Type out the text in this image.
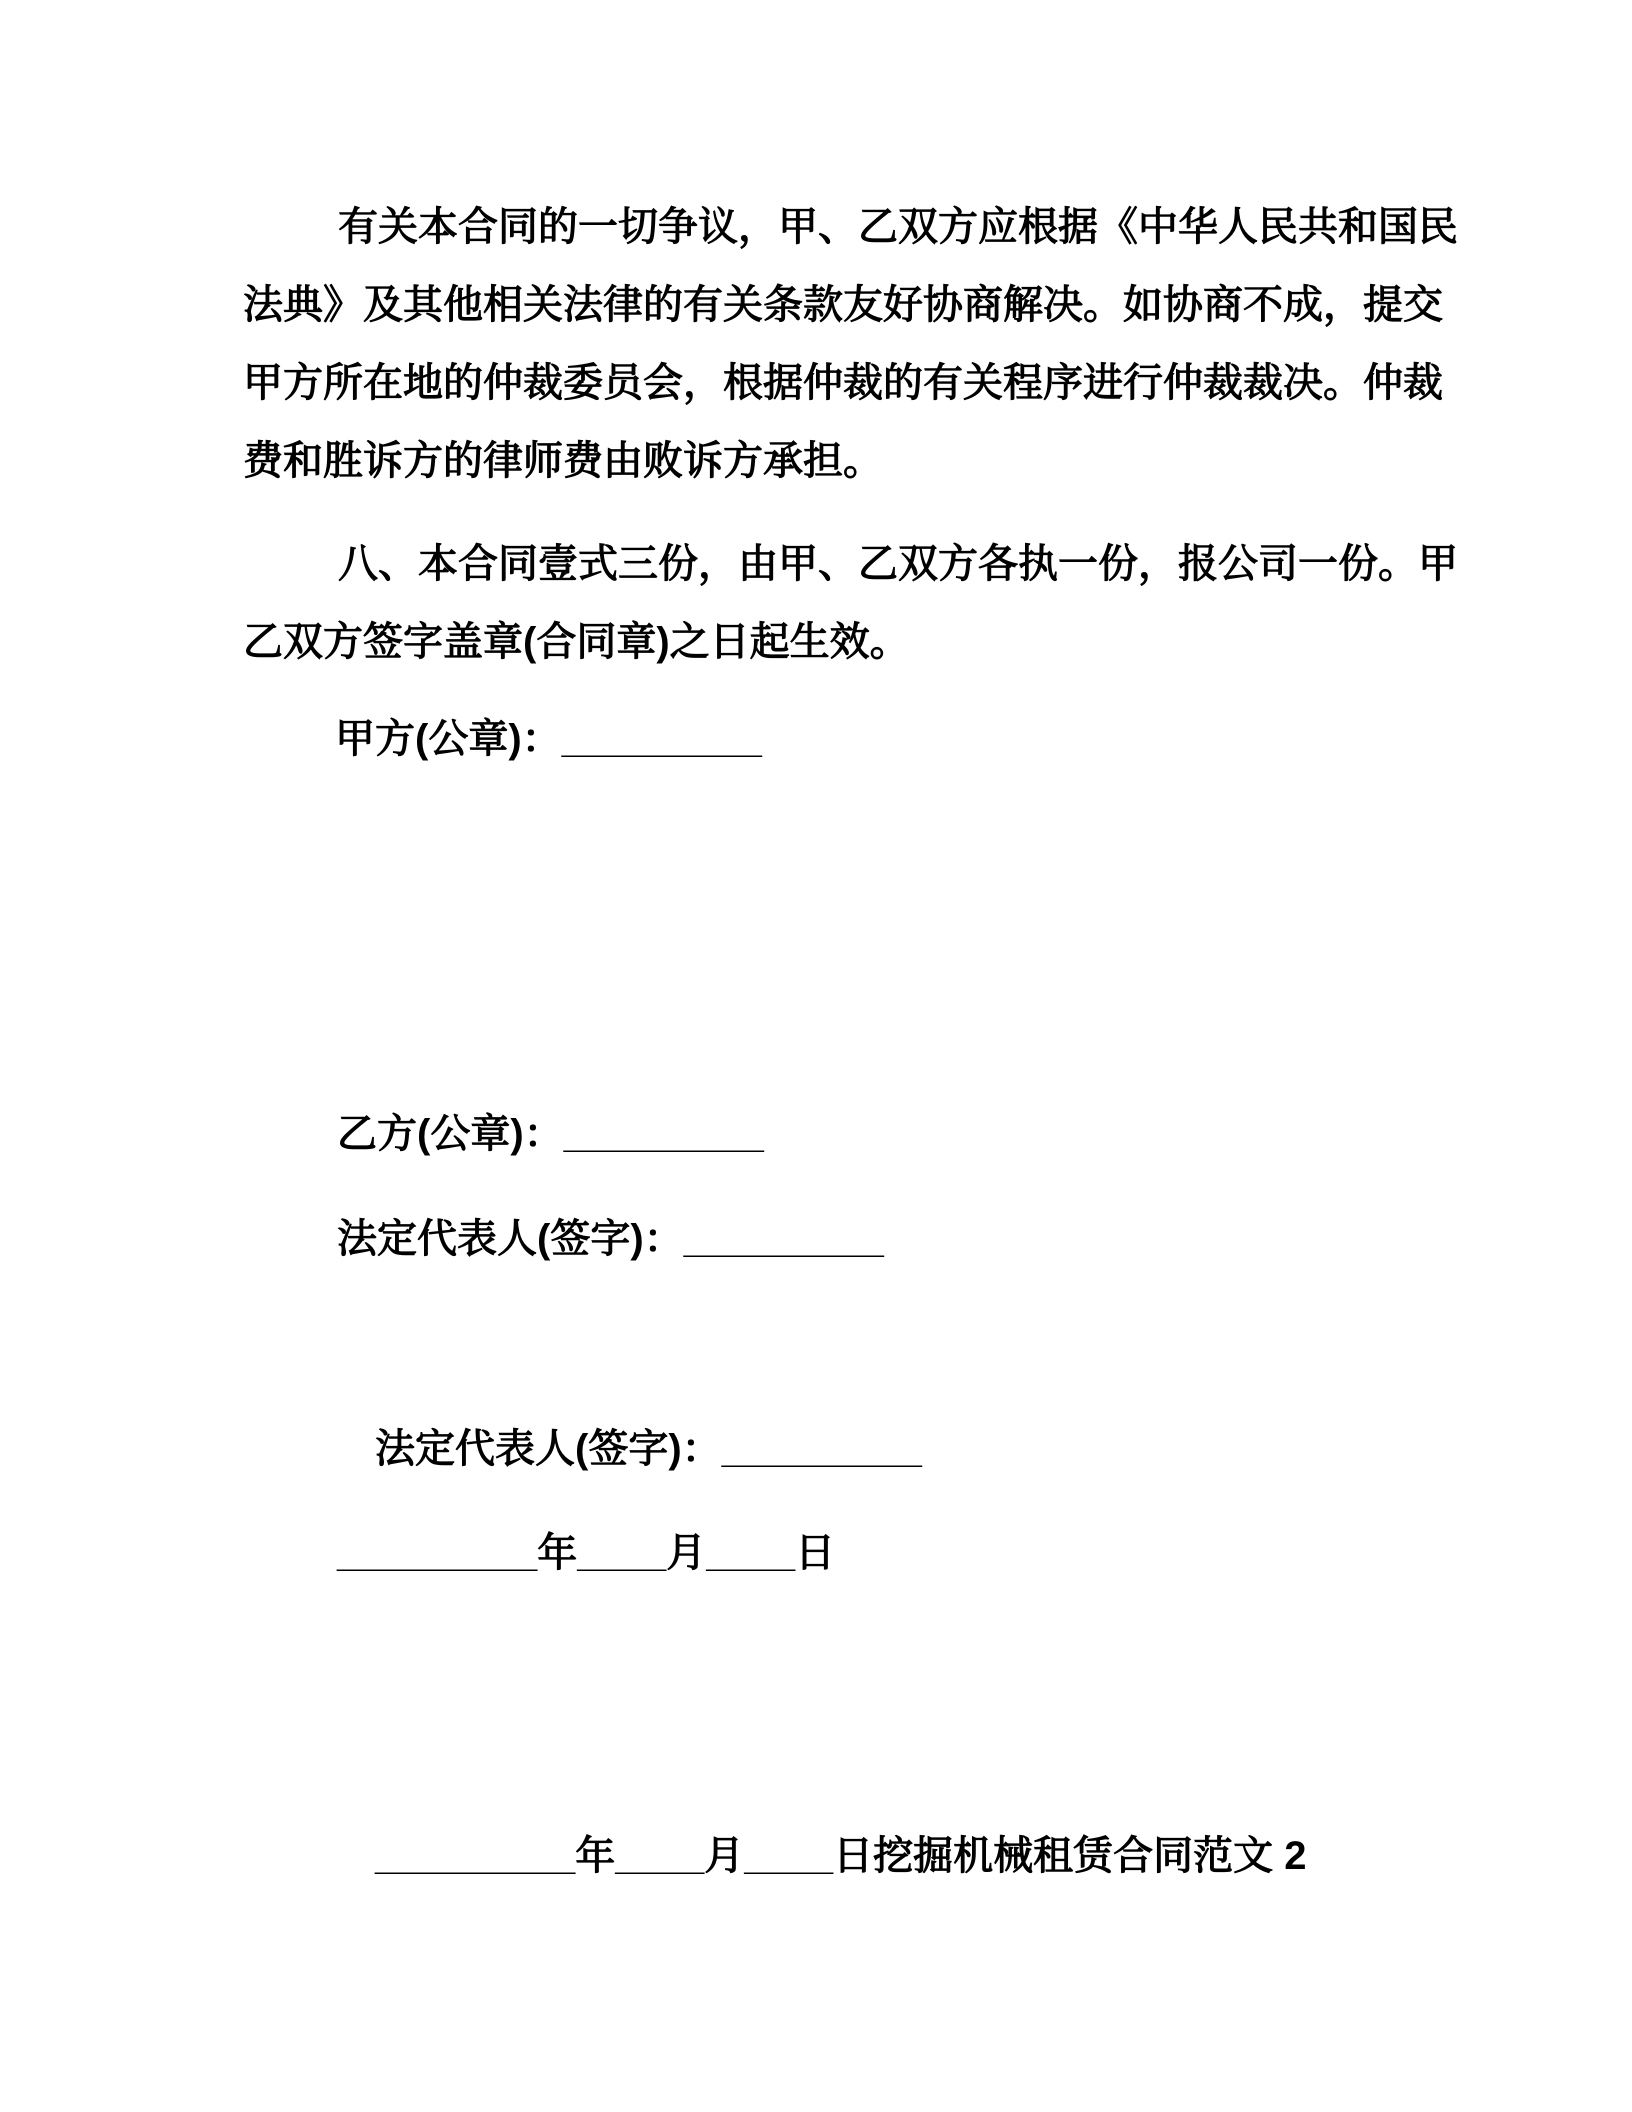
有关本合同的一切争议，甲、乙双方应根据《中华人民共和国民
法典》及其他相关法律的有关条款友好协商解决。如协商不成，提交
甲方所在地的仲裁委员会，根据仲裁的有关程序进行仲裁裁决。仲裁
费和胜诉方的律师费由败诉方承担。
八、本合同壹式三份，由甲、乙双方各执一份，报公司一份。甲
乙双方签字盖章(合同章)之日起生效。
甲方(公章)：_________
乙方(公章)：_________
法定代表人(签字)：_________
法定代表人(签字)：_________
_________年____月____日
_________年____月____日挖掘机械租赁合同范文 2
